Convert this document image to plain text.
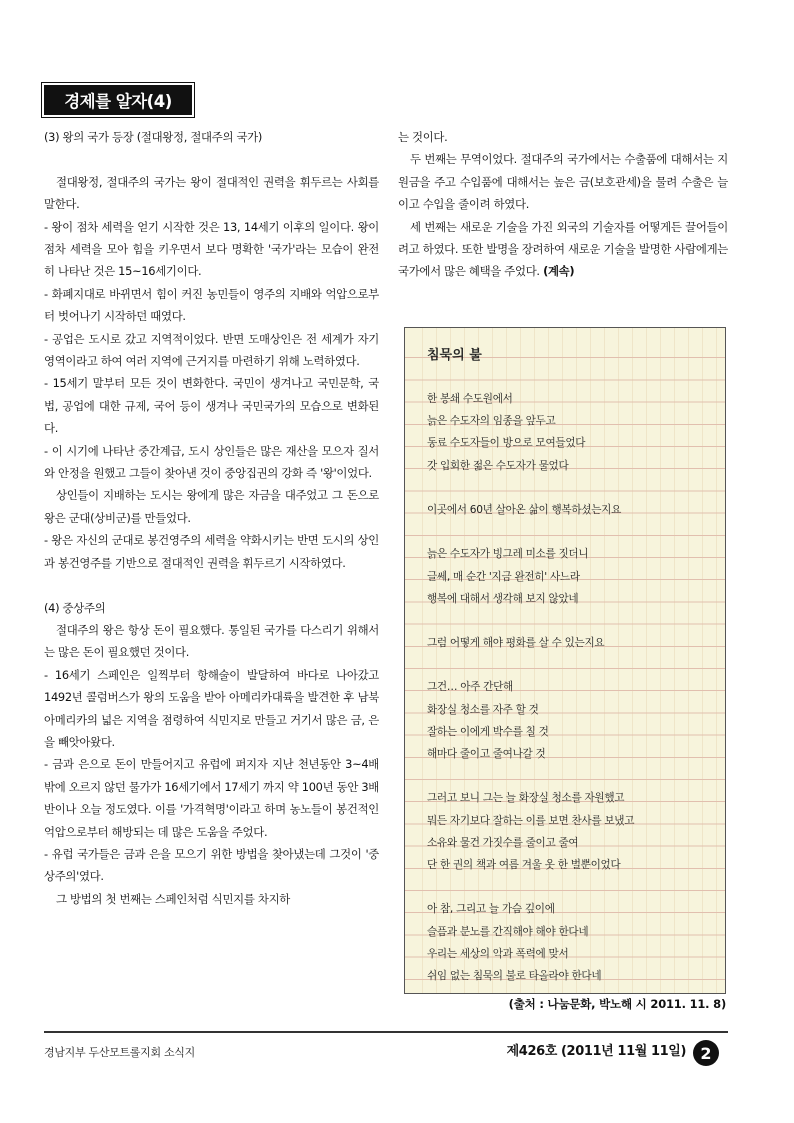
경제를 알자(4)

(3) 왕의 국가 등장 (절대왕정, 절대주의 국가)

절대왕정, 절대주의 국가는 왕이 절대적인 권력을 휘두르는 사회를 말한다.

- 왕이 점차 세력을 얻기 시작한 것은 13, 14세기 이후의 일이다. 왕이 점차 세력을 모아 힘을 키우면서 보다 명확한 '국가'라는 모습이 완전히 나타난 것은 15~16세기이다.

- 화폐지대로 바뀌면서 힘이 커진 농민들이 영주의 지배와 억압으로부터 벗어나기 시작하던 때였다.

- 공업은 도시로 갔고 지역적이었다. 반면 도매상인은 전 세계가 자기 영역이라고 하여 여러 지역에 근거지를 마련하기 위해 노력하였다.

- 15세기 말부터 모든 것이 변화한다. 국민이 생겨나고 국민문학, 국법, 공업에 대한 규제, 국어 등이 생겨나 국민국가의 모습으로 변화된다.

- 이 시기에 나타난 중간계급, 도시 상인들은 많은 재산을 모으자 질서와 안정을 원했고 그들이 찾아낸 것이 중앙집권의 강화 즉 '왕'이었다.

상인들이 지배하는 도시는 왕에게 많은 자금을 대주었고 그 돈으로 왕은 군대(상비군)를 만들었다.

- 왕은 자신의 군대로 봉건영주의 세력을 약화시키는 반면 도시의 상인과 봉건영주를 기반으로 절대적인 권력을 휘두르기 시작하였다.

(4) 중상주의

절대주의 왕은 항상 돈이 필요했다. 통일된 국가를 다스리기 위해서는 많은 돈이 필요했던 것이다.

- 16세기 스페인은 일찍부터 항해술이 발달하여 바다로 나아갔고 1492년 콜럼버스가 왕의 도움을 받아 아메리카대륙을 발견한 후 남북아메리카의 넓은 지역을 점령하여 식민지로 만들고 거기서 많은 금, 은을 빼앗아왔다.

- 금과 은으로 돈이 만들어지고 유럽에 퍼지자 지난 천년동안 3~4배 밖에 오르지 않던 물가가 16세기에서 17세기 까지 약 100년 동안 3배반이나 오늘 정도였다. 이를 '가격혁명'이라고 하며 농노들이 봉건적인 억압으로부터 해방되는 데 많은 도움을 주었다.

- 유럽 국가들은 금과 은을 모으기 위한 방법을 찾아냈는데 그것이 '중상주의'였다.

그 방법의 첫 번째는 스페인처럼 식민지를 차지하

는 것이다.

두 번째는 무역이었다. 절대주의 국가에서는 수출품에 대해서는 지원금을 주고 수입품에 대해서는 높은 금(보호관세)을 물려 수출은 늘이고 수입을 줄이려 하였다.

세 번째는 새로운 기술을 가진 외국의 기술자를 어떻게든 끌어들이려고 하였다. 또한 발명을 장려하여 새로운 기술을 발명한 사람에게는 국가에서 많은 혜택을 주었다. (계속)

침묵의 불
한 봉쇄 수도원에서
늙은 수도자의 임종을 앞두고
동료 수도자들이 방으로 모여들었다
갓 입회한 젊은 수도자가 물었다
이곳에서 60년 살아온 삶이 행복하셨는지요
늙은 수도자가 빙그레 미소를 짓더니
글쎄, 매 순간 '지금 완전히' 사느라
행복에 대해서 생각해 보지 않았네
그럼 어떻게 해야 평화를 살 수 있는지요
그건… 아주 간단해
화장실 청소를 자주 할 것
잘하는 이에게 박수를 칠 것
해마다 줄이고 줄여나갈 것
그러고 보니 그는 늘 화장실 청소를 자원했고
뭐든 자기보다 잘하는 이를 보면 찬사를 보냈고
소유와 물건 가짓수를 줄이고 줄여
단 한 권의 책과 여름 겨울 옷 한 벌뿐이었다
아 참, 그리고 늘 가슴 깊이에
슬픔과 분노를 간직해야 해야 한다네
우리는 세상의 악과 폭력에 맞서
쉬임 없는 침묵의 불로 타올라야 한다네
(출처 : 나눔문화, 박노해 시 2011. 11. 8)
경남지부 두산모트롤지회 소식지	제426호 (2011년 11월 11일) 2
